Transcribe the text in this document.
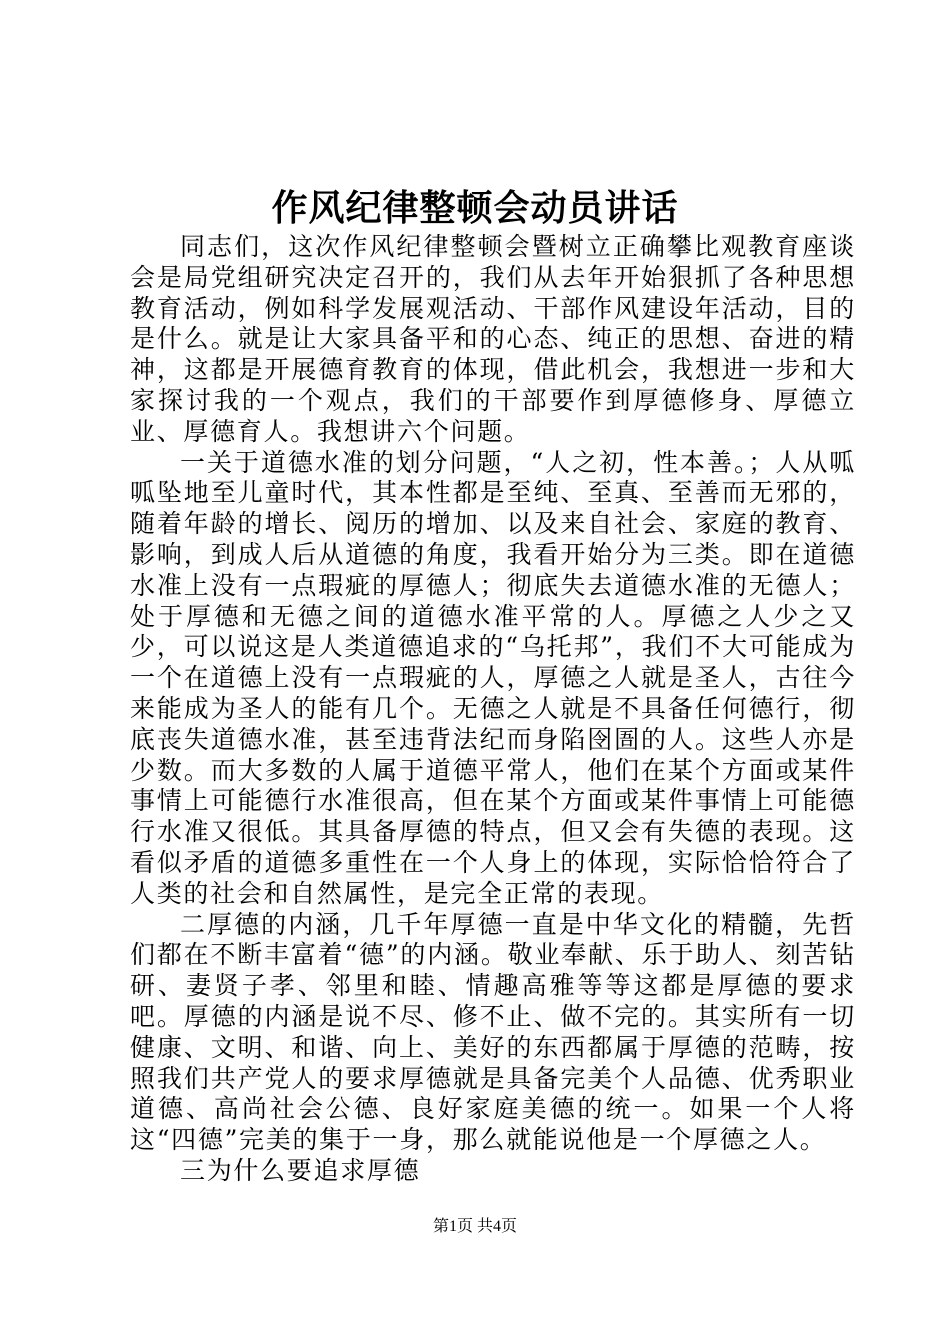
作风纪律整顿会动员讲话

同志们，这次作风纪律整顿会暨树立正确攀比观教育座谈会是局党组研究决定召开的，我们从去年开始狠抓了各种思想教育活动，例如科学发展观活动、干部作风建设年活动，目的是什么。就是让大家具备平和的心态、纯正的思想、奋进的精神，这都是开展德育教育的体现，借此机会，我想进一步和大家探讨我的一个观点，我们的干部要作到厚德修身、厚德立业、厚德育人。我想讲六个问题。

一关于道德水准的划分问题，“人之初，性本善。；人从呱呱坠地至儿童时代，其本性都是至纯、至真、至善而无邪的，随着年龄的增长、阅历的增加、以及来自社会、家庭的教育、影响，到成人后从道德的角度，我看开始分为三类。即在道德水准上没有一点瑕疵的厚德人；彻底失去道德水准的无德人；处于厚德和无德之间的道德水准平常的人。厚德之人少之又少，可以说这是人类道德追求的“乌托邦”，我们不大可能成为一个在道德上没有一点瑕疵的人，厚德之人就是圣人，古往今来能成为圣人的能有几个。无德之人就是不具备任何德行，彻底丧失道德水准，甚至违背法纪而身陷囹圄的人。这些人亦是少数。而大多数的人属于道德平常人，他们在某个方面或某件事情上可能德行水准很高，但在某个方面或某件事情上可能德行水准又很低。其具备厚德的特点，但又会有失德的表现。这看似矛盾的道德多重性在一个人身上的体现，实际恰恰符合了人类的社会和自然属性，是完全正常的表现。

二厚德的内涵，几千年厚德一直是中华文化的精髓，先哲们都在不断丰富着“德”的内涵。敬业奉献、乐于助人、刻苦钻研、妻贤子孝、邻里和睦、情趣高雅等等这都是厚德的要求吧。厚德的内涵是说不尽、修不止、做不完的。其实所有一切健康、文明、和谐、向上、美好的东西都属于厚德的范畴，按照我们共产党人的要求厚德就是具备完美个人品德、优秀职业道德、高尚社会公德、良好家庭美德的统一。如果一个人将这“四德”完美的集于一身，那么就能说他是一个厚德之人。

三为什么要追求厚德

第1页 共4页
